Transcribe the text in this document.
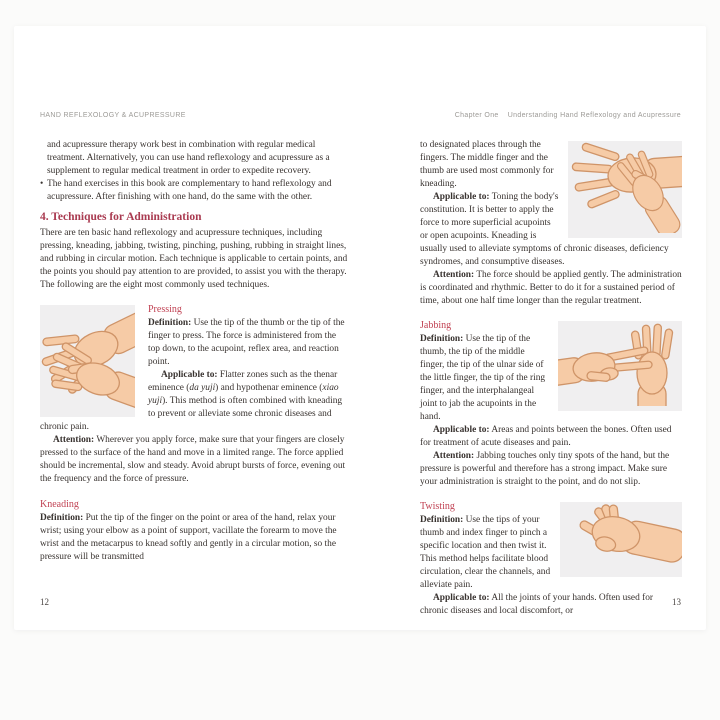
HAND REFLEXOLOGY & ACUPRESSURE	Chapter One Understanding Hand Reflexology and Acupressure

and acupressure therapy work best in combination with regular medical treatment. Alternatively, you can use hand reflexology and acupressure as a supplement to regular medical treatment in order to expedite recovery.

• The hand exercises in this book are complementary to hand reflexology and acupressure. After finishing with one hand, do the same with the other.

4. Techniques for Administration

There are ten basic hand reflexology and acupressure techniques, including pressing, kneading, jabbing, twisting, pinching, pushing, rubbing in straight lines, and rubbing in circular motion. Each technique is applicable to certain points, and the points you should pay attention to are provided, to assist you with the therapy. The following are the eight most commonly used techniques.

Pressing

Definition: Use the tip of the thumb or the tip of the finger to press. The force is administered from the top down, to the acupoint, reflex area, and reaction point.

Applicable to: Flatter zones such as the thenar eminence (da yuji) and hypothenar eminence (xiao yuji). This method is often combined with kneading to prevent or alleviate some chronic diseases and chronic pain.

Attention: Wherever you apply force, make sure that your fingers are closely pressed to the surface of the hand and move in a limited range. The force applied should be incremental, slow and steady. Avoid abrupt bursts of force, evening out the frequency and the force of pressure.

Kneading

Definition: Put the tip of the finger on the point or area of the hand, relax your wrist; using your elbow as a point of support, vacillate the forearm to move the wrist and the metacarpus to knead softly and gently in a circular motion, so the pressure will be transmitted

to designated places through the fingers. The middle finger and the thumb are used most commonly for kneading.

Applicable to: Toning the body's constitution. It is better to apply the force to more superficial acupoints or open acupoints. Kneading is usually used to alleviate symptoms of chronic diseases, deficiency syndromes, and consumptive diseases.

Attention: The force should be applied gently. The administration is coordinated and rhythmic. Better to do it for a sustained period of time, about one half time longer than the regular treatment.

Jabbing

Definition: Use the tip of the thumb, the tip of the middle finger, the tip of the ulnar side of the little finger, the tip of the ring finger, and the interphalangeal joint to jab the acupoints in the hand.

Applicable to: Areas and points between the bones. Often used for treatment of acute diseases and pain.

Attention: Jabbing touches only tiny spots of the hand, but the pressure is powerful and therefore has a strong impact. Make sure your administration is straight to the point, and do not slip.

Twisting

Definition: Use the tips of your thumb and index finger to pinch a specific location and then twist it. This method helps facilitate blood circulation, clear the channels, and alleviate pain.

Applicable to: All the joints of your hands. Often used for chronic diseases and local discomfort, or

12	13
